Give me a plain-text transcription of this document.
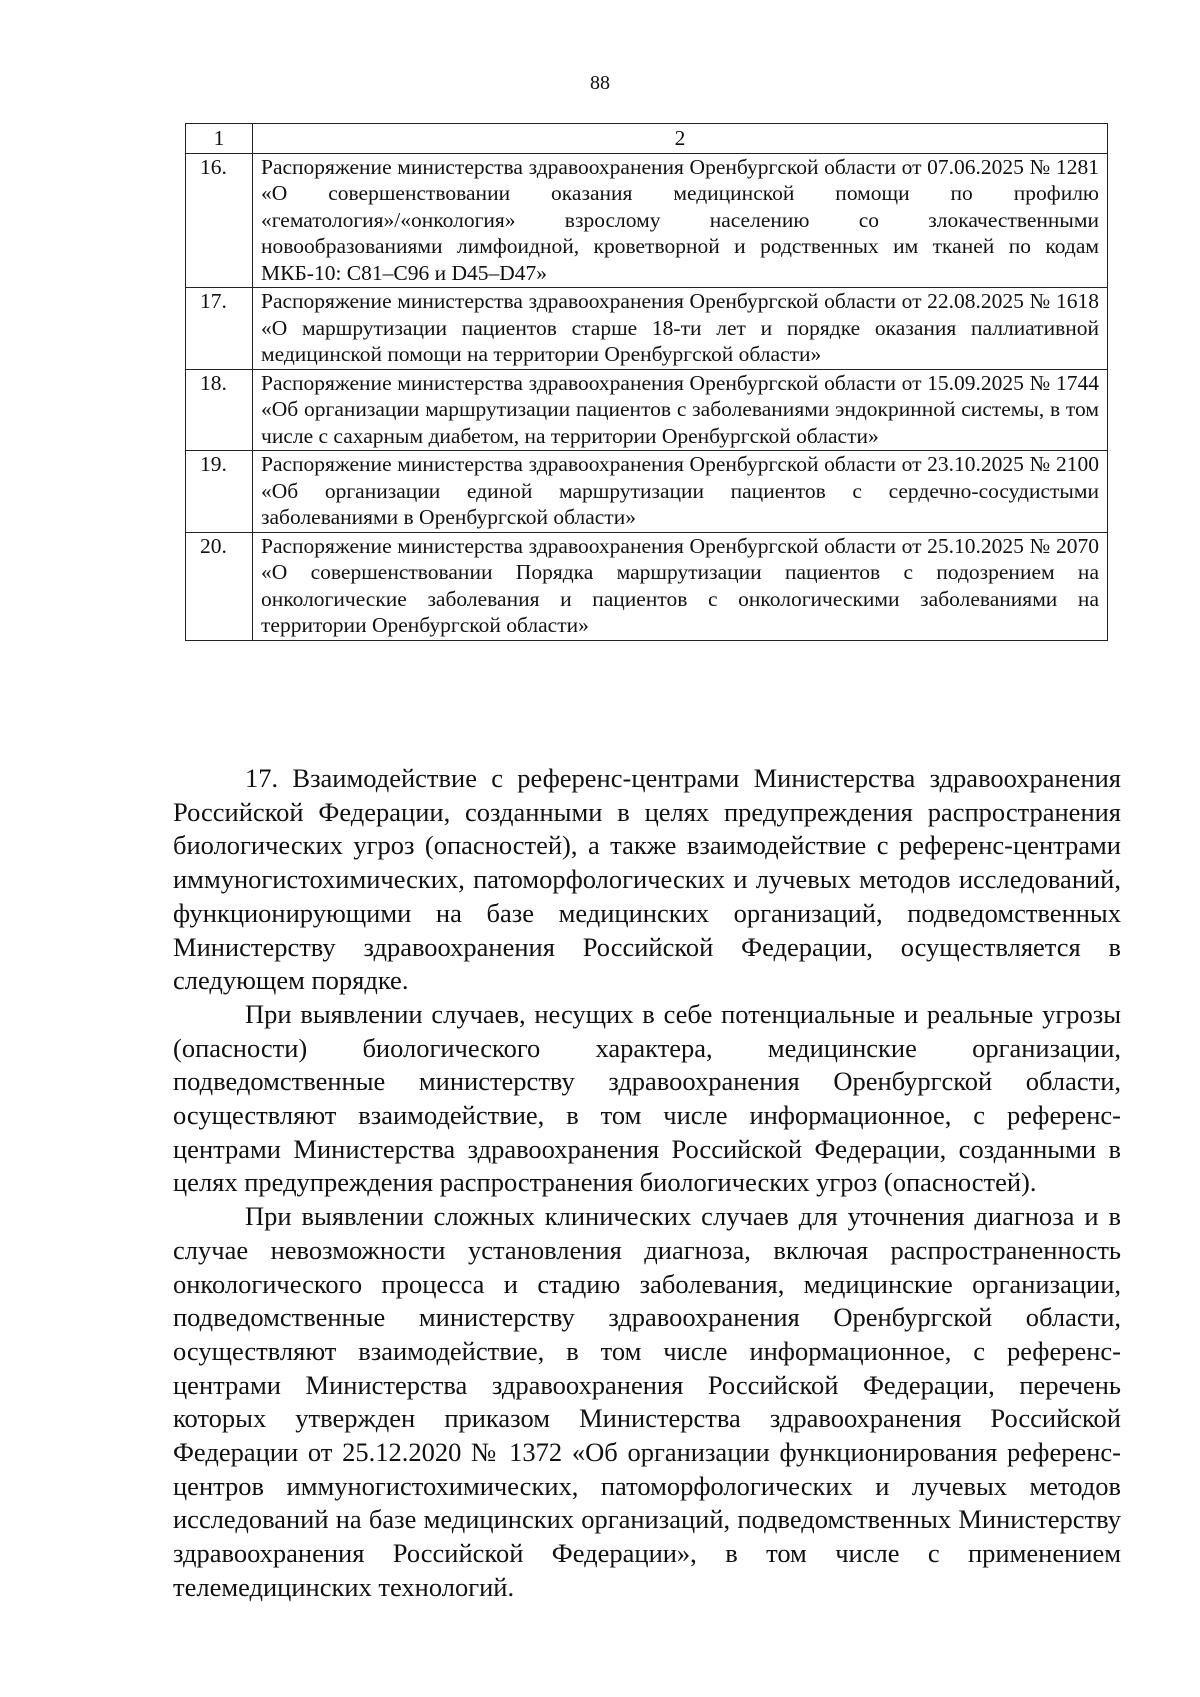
88
1	2
16.	Распоряжение министерства здравоохранения Оренбургской области от 07.06.2025 № 1281 «О совершенствовании оказания медицинской помощи по профилю «гематология»/«онкология» взрослому населению со злокачественными новообразованиями лимфоидной, кроветворной и родственных им тканей по кодам МКБ-10: C81–C96 и D45–D47»
17.	Распоряжение министерства здравоохранения Оренбургской области от 22.08.2025 № 1618 «О маршрутизации пациентов старше 18-ти лет и порядке оказания паллиативной медицинской помощи на территории Оренбургской области»
18.	Распоряжение министерства здравоохранения Оренбургской области от 15.09.2025 № 1744 «Об организации маршрутизации пациентов с заболеваниями эндокринной системы, в том числе с сахарным диабетом, на территории Оренбургской области»
19.	Распоряжение министерства здравоохранения Оренбургской области от 23.10.2025 № 2100 «Об организации единой маршрутизации пациентов с сердечно-сосудистыми заболеваниями в Оренбургской области»
20.	Распоряжение министерства здравоохранения Оренбургской области от 25.10.2025 № 2070 «О совершенствовании Порядка маршрутизации пациентов с подозрением на онкологические заболевания и пациентов с онкологическими заболеваниями на территории Оренбургской области»

17. Взаимодействие с референс-центрами Министерства здравоохранения Российской Федерации, созданными в целях предупреждения распространения биологических угроз (опасностей), а также взаимодействие с референс-центрами иммуногистохимических, патоморфологических и лучевых методов исследований, функционирующими на базе медицинских организаций, подведомственных Министерству здравоохранения Российской Федерации, осуществляется в следующем порядке.

При выявлении случаев, несущих в себе потенциальные и реальные угрозы (опасности) биологического характера, медицинские организации, подведомственные министерству здравоохранения Оренбургской области, осуществляют взаимодействие, в том числе информационное, с референс-центрами Министерства здравоохранения Российской Федерации, созданными в целях предупреждения распространения биологических угроз (опасностей).

При выявлении сложных клинических случаев для уточнения диагноза и в случае невозможности установления диагноза, включая распространенность онкологического процесса и стадию заболевания, медицинские организации, подведомственные министерству здравоохранения Оренбургской области, осуществляют взаимодействие, в том числе информационное, с референс-центрами Министерства здравоохранения Российской Федерации, перечень которых утвержден приказом Министерства здравоохранения Российской Федерации от 25.12.2020 № 1372 «Об организации функционирования референс-центров иммуногистохимических, патоморфологических и лучевых методов исследований на базе медицинских организаций, подведомственных Министерству здравоохранения Российской Федерации», в том числе с применением телемедицинских технологий.
